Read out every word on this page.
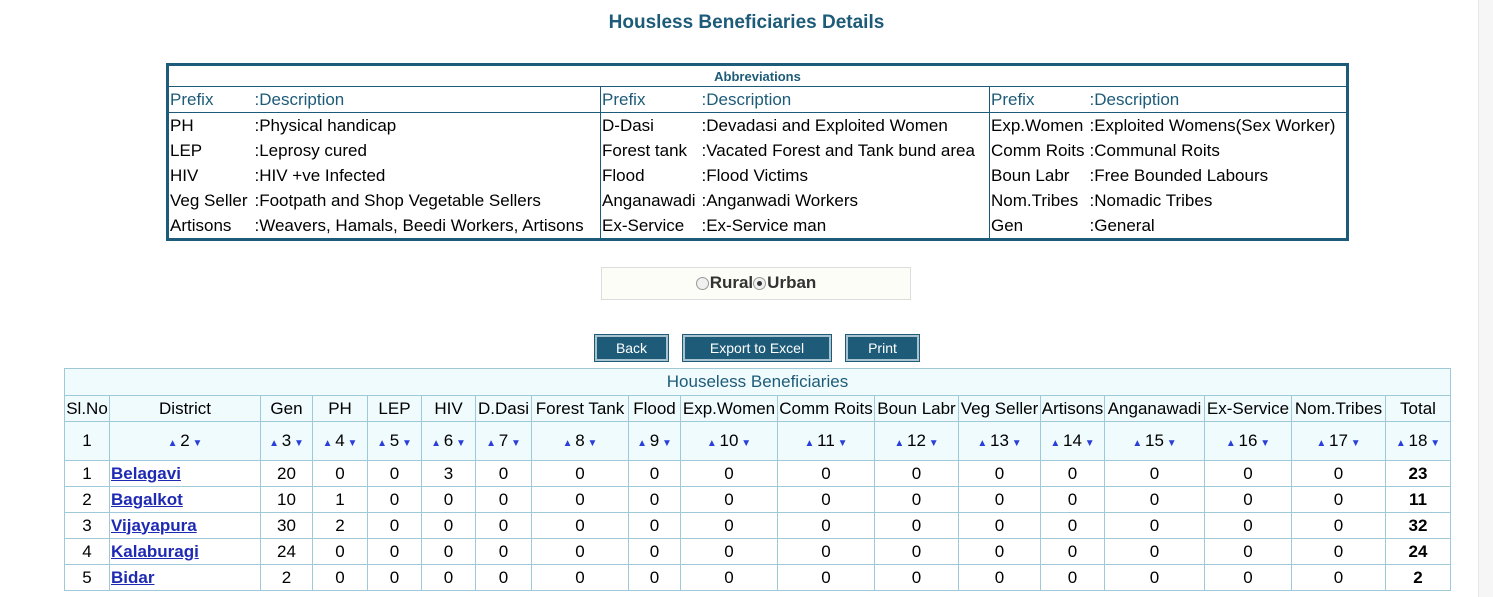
Housless Beneficiaries Details
Abbreviations					
Prefix	:Description	Prefix	:Description	Prefix	:Description
PH	:Physical handicap	D-Dasi	:Devadasi and Exploited Women	Exp.Women	:Exploited Womens(Sex Worker)
LEP	:Leprosy cured	Forest tank	:Vacated Forest and Tank bund area	Comm Roits	:Communal Roits
HIV	:HIV +ve Infected	Flood	:Flood Victims	Boun Labr	:Free Bounded Labours
Veg Seller	:Footpath and Shop Vegetable Sellers	Anganawadi	:Anganwadi Workers	Nom.Tribes	:Nomadic Tribes
Artisons	:Weavers, Hamals, Beedi Workers, Artisons	Ex-Service	:Ex-Service man	Gen	:General
Rural Urban
Back	Export to Excel	Print
Houseless Beneficiaries																	
Sl.No	District	Gen	PH	LEP	HIV	D.Dasi	Forest Tank	Flood	Exp.Women	Comm Roits	Boun Labr	Veg Seller	Artisons	Anganawadi	Ex-Service	Nom.Tribes	Total
1	▲ 2 ▼	▲ 3 ▼	▲ 4 ▼	▲ 5 ▼	▲ 6 ▼	▲ 7 ▼	▲ 8 ▼	▲ 9 ▼	▲ 10 ▼	▲ 11 ▼	▲ 12 ▼	▲ 13 ▼	▲ 14 ▼	▲ 15 ▼	▲ 16 ▼	▲ 17 ▼	▲ 18 ▼
1	Belagavi	20	0	0	3	0	0	0	0	0	0	0	0	0	0	0	23
2	Bagalkot	10	1	0	0	0	0	0	0	0	0	0	0	0	0	0	11
3	Vijayapura	30	2	0	0	0	0	0	0	0	0	0	0	0	0	0	32
4	Kalaburagi	24	0	0	0	0	0	0	0	0	0	0	0	0	0	0	24
5	Bidar	2	0	0	0	0	0	0	0	0	0	0	0	0	0	0	2
